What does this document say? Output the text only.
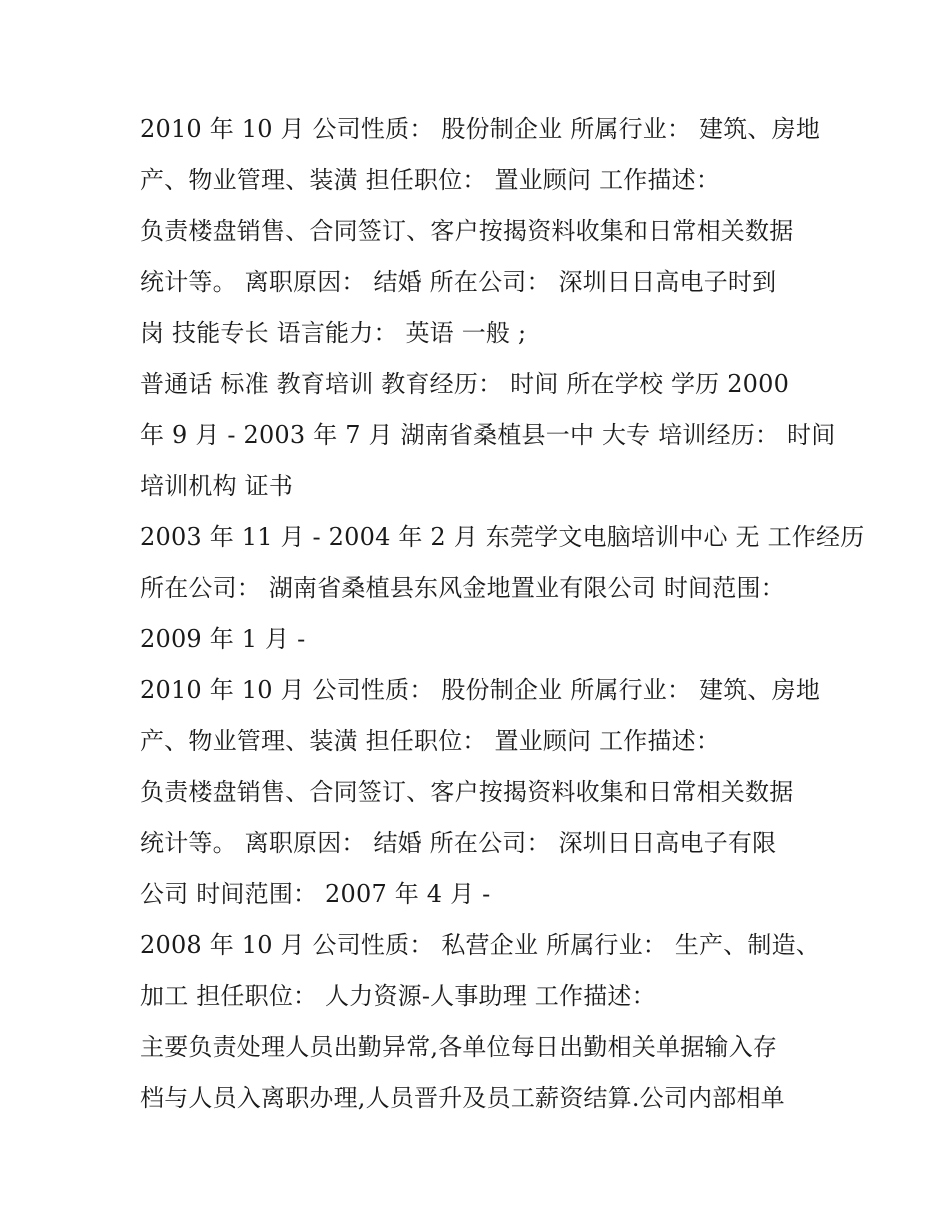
2010 年 10 月 公司性质： 股份制企业 所属行业： 建筑、房地
产、物业管理、装潢 担任职位： 置业顾问 工作描述：
负责楼盘销售、合同签订、客户按揭资料收集和日常相关数据
统计等。 离职原因： 结婚 所在公司： 深圳日日高电子时到
岗 技能专长 语言能力： 英语 一般 ;
普通话 标准 教育培训 教育经历： 时间 所在学校 学历 2000
年 9 月 - 2003 年 7 月 湖南省桑植县一中 大专 培训经历： 时间
培训机构 证书
2003 年 11 月 - 2004 年 2 月 东莞学文电脑培训中心 无 工作经历
所在公司： 湖南省桑植县东风金地置业有限公司 时间范围：
2009 年 1 月 -
2010 年 10 月 公司性质： 股份制企业 所属行业： 建筑、房地
产、物业管理、装潢 担任职位： 置业顾问 工作描述：
负责楼盘销售、合同签订、客户按揭资料收集和日常相关数据
统计等。 离职原因： 结婚 所在公司： 深圳日日高电子有限
公司 时间范围： 2007 年 4 月 -
2008 年 10 月 公司性质： 私营企业 所属行业： 生产、制造、
加工 担任职位： 人力资源-人事助理 工作描述：
主要负责处理人员出勤异常,各单位每日出勤相关单据输入存
档与人员入离职办理,人员晋升及员工薪资结算.公司内部相单
